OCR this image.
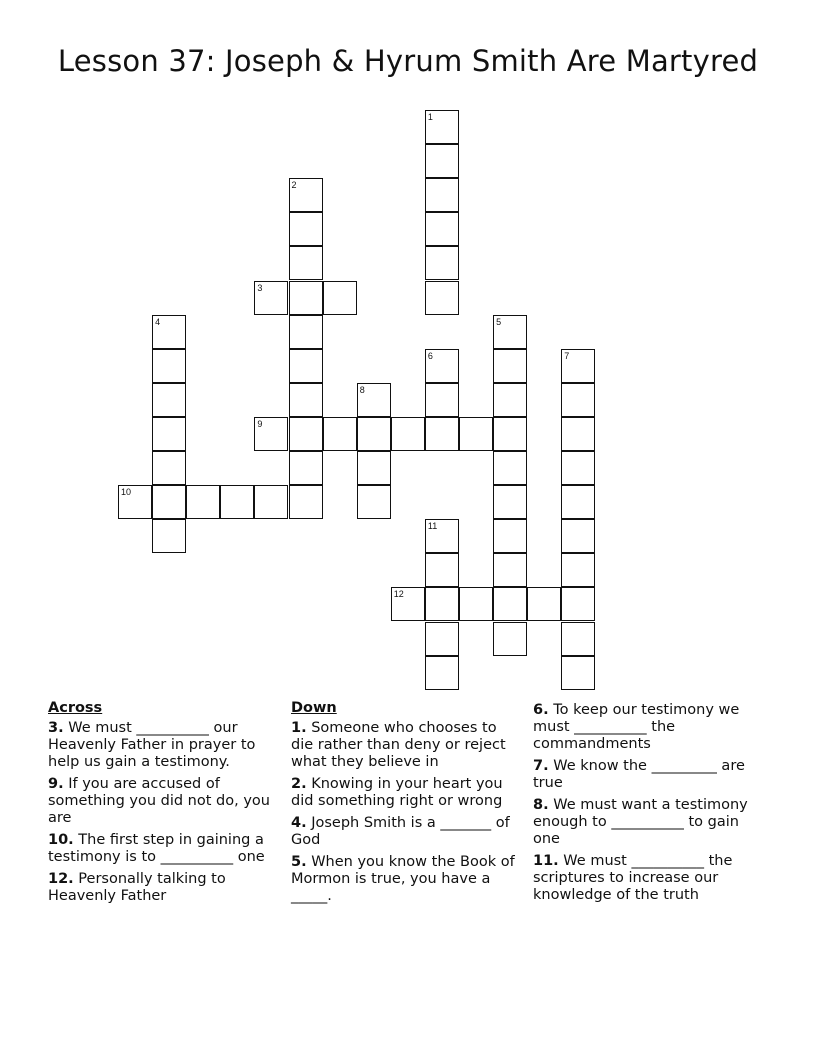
Lesson 37: Joseph & Hyrum Smith Are Martyred
1
2
3
4	5
6	7
8
9
10
11
12
Across
3. We must __________ our Heavenly Father in prayer to help us gain a testimony.
9. If you are accused of something you did not do, you are
10. The first step in gaining a testimony is to __________ one
12. Personally talking to Heavenly Father
Down
1. Someone who chooses to die rather than deny or reject what they believe in
2. Knowing in your heart you did something right or wrong
4. Joseph Smith is a _______ of God
5. When you know the Book of Mormon is true, you have a _____.
6. To keep our testimony we must __________ the commandments
7. We know the _________ are true
8. We must want a testimony enough to __________ to gain one
11. We must __________ the scriptures to increase our knowledge of the truth
